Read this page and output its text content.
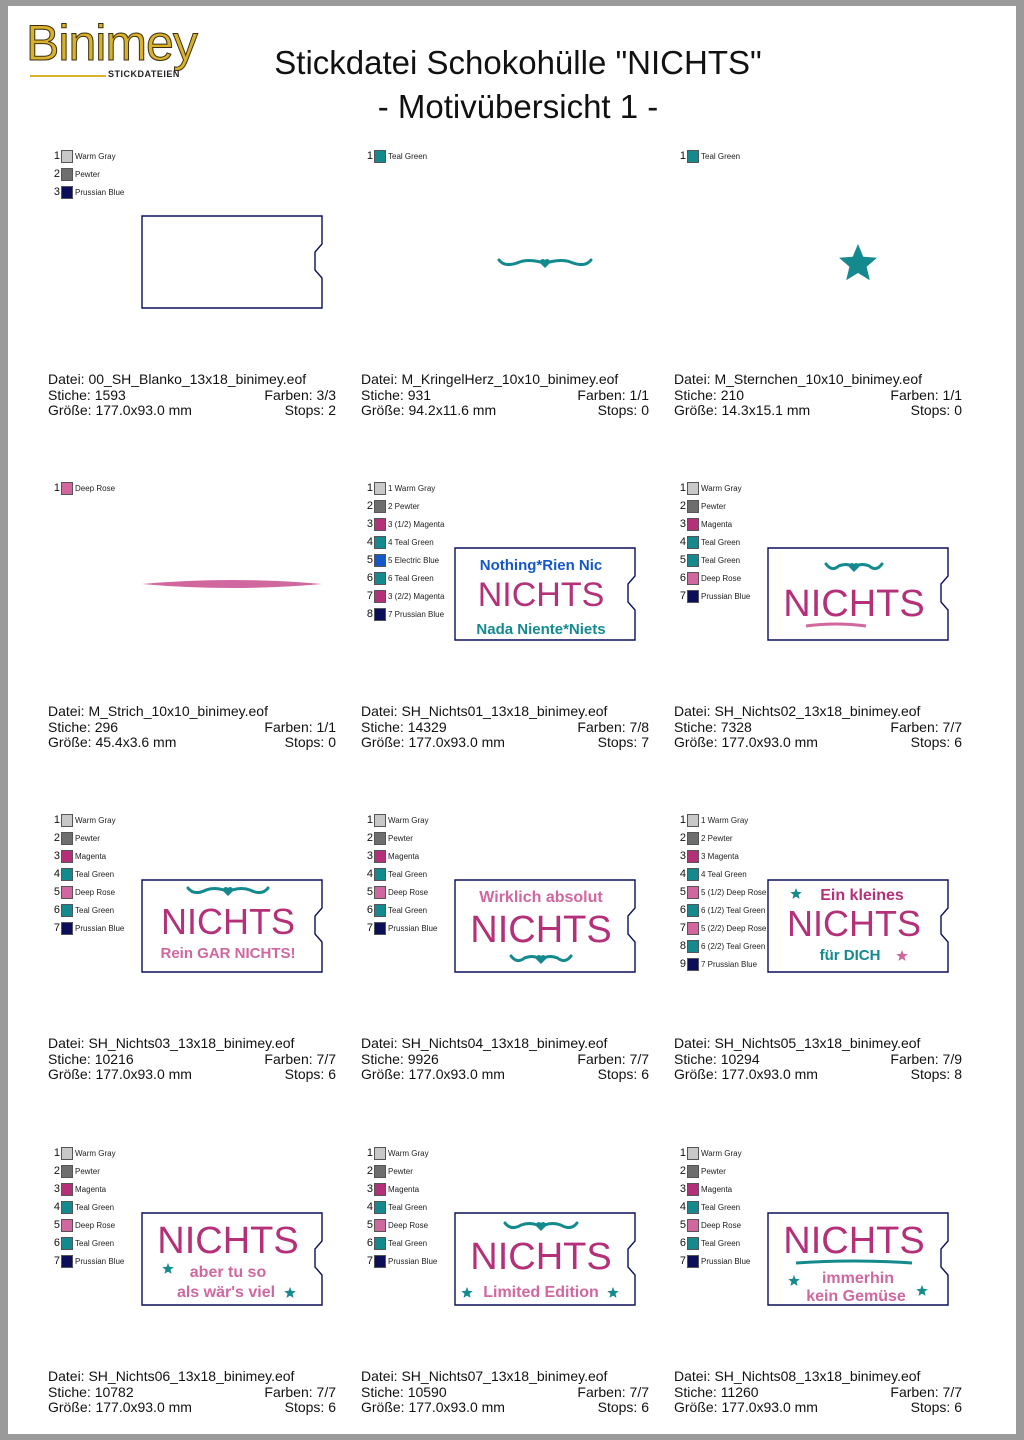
Binimey
STICKDATEIEN	Stickdatei Schokohülle "NICHTS"
- Motivübersicht 1 -
1 Warm Gray
2 Pewter
3 Prussian Blue
Datei: 00_SH_Blanko_13x18_binimey.eof
Stiche: 1593	Farben: 3/3
Größe: 177.0x93.0 mm	Stops: 2
1 Teal Green
Datei: M_KringelHerz_10x10_binimey.eof
Stiche: 931	Farben: 1/1
Größe: 94.2x11.6 mm	Stops: 0
1 Teal Green
Datei: M_Sternchen_10x10_binimey.eof
Stiche: 210	Farben: 1/1
Größe: 14.3x15.1 mm	Stops: 0
1 Deep Rose
Datei: M_Strich_10x10_binimey.eof
Stiche: 296	Farben: 1/1
Größe: 45.4x3.6 mm	Stops: 0
1 1 Warm Gray
2 2 Pewter
3 3 (1/2) Magenta
4 4 Teal Green
5 5 Electric Blue
6 6 Teal Green
7 3 (2/2) Magenta
8 7 Prussian Blue
Nothing*Rien Nic
NICHTS
Nada Niente*Niets
Datei: SH_Nichts01_13x18_binimey.eof
Stiche: 14329	Farben: 7/8
Größe: 177.0x93.0 mm	Stops: 7
1 Warm Gray
2 Pewter
3 Magenta
4 Teal Green
5 Teal Green
6 Deep Rose
7 Prussian Blue NICHTS
Datei: SH_Nichts02_13x18_binimey.eof
Stiche: 7328	Farben: 7/7
Größe: 177.0x93.0 mm	Stops: 6
1 Warm Gray
2 Pewter
3 Magenta
4 Teal Green
5 Deep Rose
6 Teal Green
7 Prussian Blue NICHTS
Rein GAR NICHTS!
Datei: SH_Nichts03_13x18_binimey.eof
Stiche: 10216	Farben: 7/7
Größe: 177.0x93.0 mm	Stops: 6
1 Warm Gray
2 Pewter
3 Magenta
4 Teal Green
5 Deep Rose
6 Teal Green
7 Prussian Blue
Wirklich absolut
NICHTS
Datei: SH_Nichts04_13x18_binimey.eof
Stiche: 9926	Farben: 7/7
Größe: 177.0x93.0 mm	Stops: 6
1 1 Warm Gray
2 2 Pewter
3 3 Magenta
4 4 Teal Green
5 5 (1/2) Deep Rose
6 6 (1/2) Teal Green
7 5 (2/2) Deep Rose
8 6 (2/2) Teal Green
9 7 Prussian Blue
Ein kleines
NICHTS
für DICH
Datei: SH_Nichts05_13x18_binimey.eof
Stiche: 10294	Farben: 7/9
Größe: 177.0x93.0 mm	Stops: 8
1 Warm Gray
2 Pewter
3 Magenta
4 Teal Green
5 Deep Rose
6 Teal Green
7 Prussian Blue NICHTS
aber tu so
als wär's viel
Datei: SH_Nichts06_13x18_binimey.eof
Stiche: 10782	Farben: 7/7
Größe: 177.0x93.0 mm	Stops: 6
1 Warm Gray
2 Pewter
3 Magenta
4 Teal Green
5 Deep Rose
6 Teal Green
7 Prussian Blue NICHTS
Limited Edition
Datei: SH_Nichts07_13x18_binimey.eof
Stiche: 10590	Farben: 7/7
Größe: 177.0x93.0 mm	Stops: 6
1 Warm Gray
2 Pewter
3 Magenta
4 Teal Green
5 Deep Rose
6 Teal Green
7 Prussian Blue NICHTS
immerhin
kein Gemüse
Datei: SH_Nichts08_13x18_binimey.eof
Stiche: 11260	Farben: 7/7
Größe: 177.0x93.0 mm	Stops: 6
